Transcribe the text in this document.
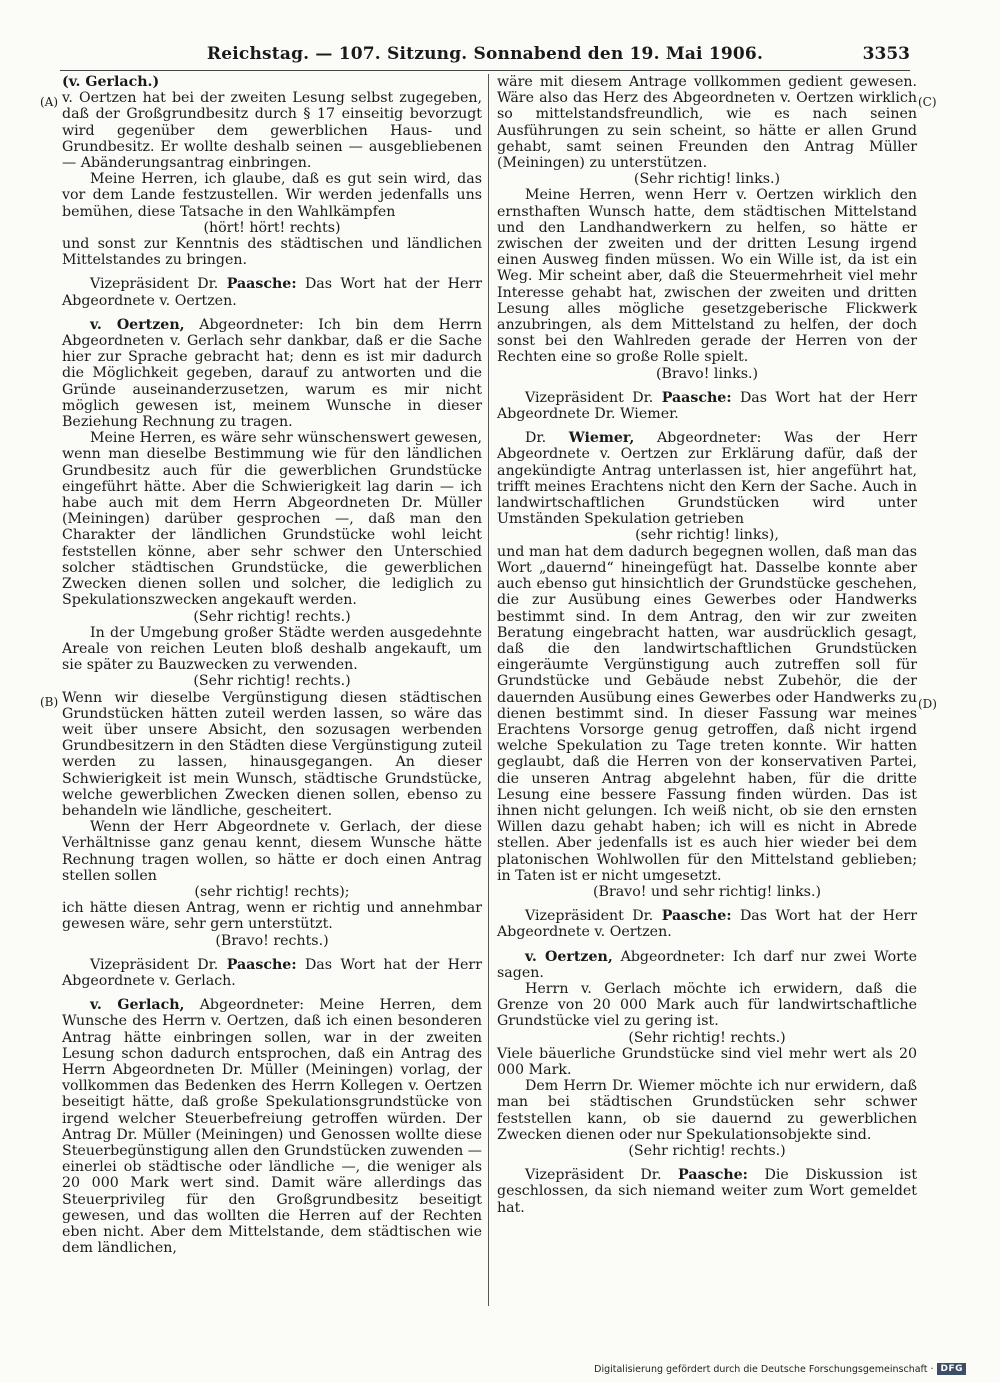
Reichstag. — 107. Sitzung. Sonnabend den 19. Mai 1906.	3353
(A)
(B)
(C)
(D)

(v. Gerlach.)

v. Oertzen hat bei der zweiten Lesung selbst zugegeben, daß der Großgrundbesitz durch § 17 einseitig bevorzugt wird gegenüber dem gewerblichen Haus- und Grundbesitz. Er wollte deshalb seinen — ausgebliebenen — Abänderungsantrag einbringen.

Meine Herren, ich glaube, daß es gut sein wird, das vor dem Lande festzustellen. Wir werden jedenfalls uns bemühen, diese Tatsache in den Wahlkämpfen

(hört! hört! rechts)

und sonst zur Kenntnis des städtischen und ländlichen Mittelstandes zu bringen.

Vizepräsident Dr. Paasche: Das Wort hat der Herr Abgeordnete v. Oertzen.

v. Oertzen, Abgeordneter: Ich bin dem Herrn Abgeordneten v. Gerlach sehr dankbar, daß er die Sache hier zur Sprache gebracht hat; denn es ist mir dadurch die Möglichkeit gegeben, darauf zu antworten und die Gründe auseinanderzusetzen, warum es mir nicht möglich gewesen ist, meinem Wunsche in dieser Beziehung Rechnung zu tragen.

Meine Herren, es wäre sehr wünschenswert gewesen, wenn man dieselbe Bestimmung wie für den ländlichen Grundbesitz auch für die gewerblichen Grundstücke eingeführt hätte. Aber die Schwierigkeit lag darin — ich habe auch mit dem Herrn Abgeordneten Dr. Müller (Meiningen) darüber gesprochen —, daß man den Charakter der ländlichen Grundstücke wohl leicht feststellen könne, aber sehr schwer den Unterschied solcher städtischen Grundstücke, die gewerblichen Zwecken dienen sollen und solcher, die lediglich zu Spekulationszwecken angekauft werden.

(Sehr richtig! rechts.)

In der Umgebung großer Städte werden ausgedehnte Areale von reichen Leuten bloß deshalb angekauft, um sie später zu Bauzwecken zu verwenden.

(Sehr richtig! rechts.)

Wenn wir dieselbe Vergünstigung diesen städtischen Grundstücken hätten zuteil werden lassen, so wäre das weit über unsere Absicht, den sozusagen werbenden Grundbesitzern in den Städten diese Vergünstigung zuteil werden zu lassen, hinausgegangen. An dieser Schwierigkeit ist mein Wunsch, städtische Grundstücke, welche gewerblichen Zwecken dienen sollen, ebenso zu behandeln wie ländliche, gescheitert.

Wenn der Herr Abgeordnete v. Gerlach, der diese Verhältnisse ganz genau kennt, diesem Wunsche hätte Rechnung tragen wollen, so hätte er doch einen Antrag stellen sollen

(sehr richtig! rechts);

ich hätte diesen Antrag, wenn er richtig und annehmbar gewesen wäre, sehr gern unterstützt.

(Bravo! rechts.)

Vizepräsident Dr. Paasche: Das Wort hat der Herr Abgeordnete v. Gerlach.

v. Gerlach, Abgeordneter: Meine Herren, dem Wunsche des Herrn v. Oertzen, daß ich einen besonderen Antrag hätte einbringen sollen, war in der zweiten Lesung schon dadurch entsprochen, daß ein Antrag des Herrn Abgeordneten Dr. Müller (Meiningen) vorlag, der vollkommen das Bedenken des Herrn Kollegen v. Oertzen beseitigt hätte, daß große Spekulationsgrundstücke von irgend welcher Steuerbefreiung getroffen würden. Der Antrag Dr. Müller (Meiningen) und Genossen wollte diese Steuerbegünstigung allen den Grundstücken zuwenden — einerlei ob städtische oder ländliche —, die weniger als 20 000 Mark wert sind. Damit wäre allerdings das Steuerprivileg für den Großgrundbesitz beseitigt gewesen, und das wollten die Herren auf der Rechten eben nicht. Aber dem Mittelstande, dem städtischen wie dem ländlichen,

wäre mit diesem Antrage vollkommen gedient gewesen. Wäre also das Herz des Abgeordneten v. Oertzen wirklich so mittelstandsfreundlich, wie es nach seinen Ausführungen zu sein scheint, so hätte er allen Grund gehabt, samt seinen Freunden den Antrag Müller (Meiningen) zu unterstützen.

(Sehr richtig! links.)

Meine Herren, wenn Herr v. Oertzen wirklich den ernsthaften Wunsch hatte, dem städtischen Mittelstand und den Landhandwerkern zu helfen, so hätte er zwischen der zweiten und der dritten Lesung irgend einen Ausweg finden müssen. Wo ein Wille ist, da ist ein Weg. Mir scheint aber, daß die Steuermehrheit viel mehr Interesse gehabt hat, zwischen der zweiten und dritten Lesung alles mögliche gesetzgeberische Flickwerk anzubringen, als dem Mittelstand zu helfen, der doch sonst bei den Wahlreden gerade der Herren von der Rechten eine so große Rolle spielt.

(Bravo! links.)

Vizepräsident Dr. Paasche: Das Wort hat der Herr Abgeordnete Dr. Wiemer.

Dr. Wiemer, Abgeordneter: Was der Herr Abgeordnete v. Oertzen zur Erklärung dafür, daß der angekündigte Antrag unterlassen ist, hier angeführt hat, trifft meines Erachtens nicht den Kern der Sache. Auch in landwirtschaftlichen Grundstücken wird unter Umständen Spekulation getrieben

(sehr richtig! links),

und man hat dem dadurch begegnen wollen, daß man das Wort „dauernd“ hineingefügt hat. Dasselbe konnte aber auch ebenso gut hinsichtlich der Grundstücke geschehen, die zur Ausübung eines Gewerbes oder Handwerks bestimmt sind. In dem Antrag, den wir zur zweiten Beratung eingebracht hatten, war ausdrücklich gesagt, daß die den landwirtschaftlichen Grundstücken eingeräumte Vergünstigung auch zutreffen soll für Grundstücke und Gebäude nebst Zubehör, die der dauernden Ausübung eines Gewerbes oder Handwerks zu dienen bestimmt sind. In dieser Fassung war meines Erachtens Vorsorge genug getroffen, daß nicht irgend welche Spekulation zu Tage treten konnte. Wir hatten geglaubt, daß die Herren von der konservativen Partei, die unseren Antrag abgelehnt haben, für die dritte Lesung eine bessere Fassung finden würden. Das ist ihnen nicht gelungen. Ich weiß nicht, ob sie den ernsten Willen dazu gehabt haben; ich will es nicht in Abrede stellen. Aber jedenfalls ist es auch hier wieder bei dem platonischen Wohlwollen für den Mittelstand geblieben; in Taten ist er nicht umgesetzt.

(Bravo! und sehr richtig! links.)

Vizepräsident Dr. Paasche: Das Wort hat der Herr Abgeordnete v. Oertzen.

v. Oertzen, Abgeordneter: Ich darf nur zwei Worte sagen.

Herrn v. Gerlach möchte ich erwidern, daß die Grenze von 20 000 Mark auch für landwirtschaftliche Grundstücke viel zu gering ist.

(Sehr richtig! rechts.)

Viele bäuerliche Grundstücke sind viel mehr wert als 20 000 Mark.

Dem Herrn Dr. Wiemer möchte ich nur erwidern, daß man bei städtischen Grundstücken sehr schwer feststellen kann, ob sie dauernd zu gewerblichen Zwecken dienen oder nur Spekulationsobjekte sind.

(Sehr richtig! rechts.)

Vizepräsident Dr. Paasche: Die Diskussion ist geschlossen, da sich niemand weiter zum Wort gemeldet hat.

Digitalisierung gefördert durch die Deutsche Forschungsgemeinschaft · DFG
